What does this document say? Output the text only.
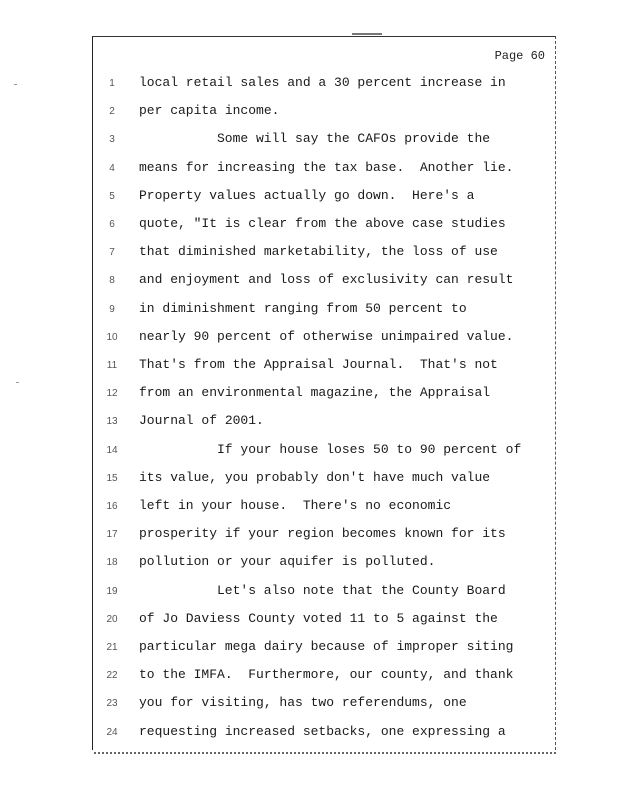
Page 60

1	local retail sales and a 30 percent increase in
2	per capita income.
3	Some will say the CAFOs provide the
4	means for increasing the tax base.  Another lie.
5	Property values actually go down.  Here's a
6	quote, "It is clear from the above case studies
7	that diminished marketability, the loss of use
8	and enjoyment and loss of exclusivity can result
9	in diminishment ranging from 50 percent to
10 nearly 90 percent of otherwise unimpaired value.
11 That's from the Appraisal Journal.  That's not
12 from an environmental magazine, the Appraisal
13 Journal of 2001.
14	If your house loses 50 to 90 percent of
15 its value, you probably don't have much value
16 left in your house.  There's no economic
17 prosperity if your region becomes known for its
18 pollution or your aquifer is polluted.
19	Let's also note that the County Board
20 of Jo Daviess County voted 11 to 5 against the
21 particular mega dairy because of improper siting
22 to the IMFA.  Furthermore, our county, and thank
23 you for visiting, has two referendums, one
24 requesting increased setbacks, one expressing a
